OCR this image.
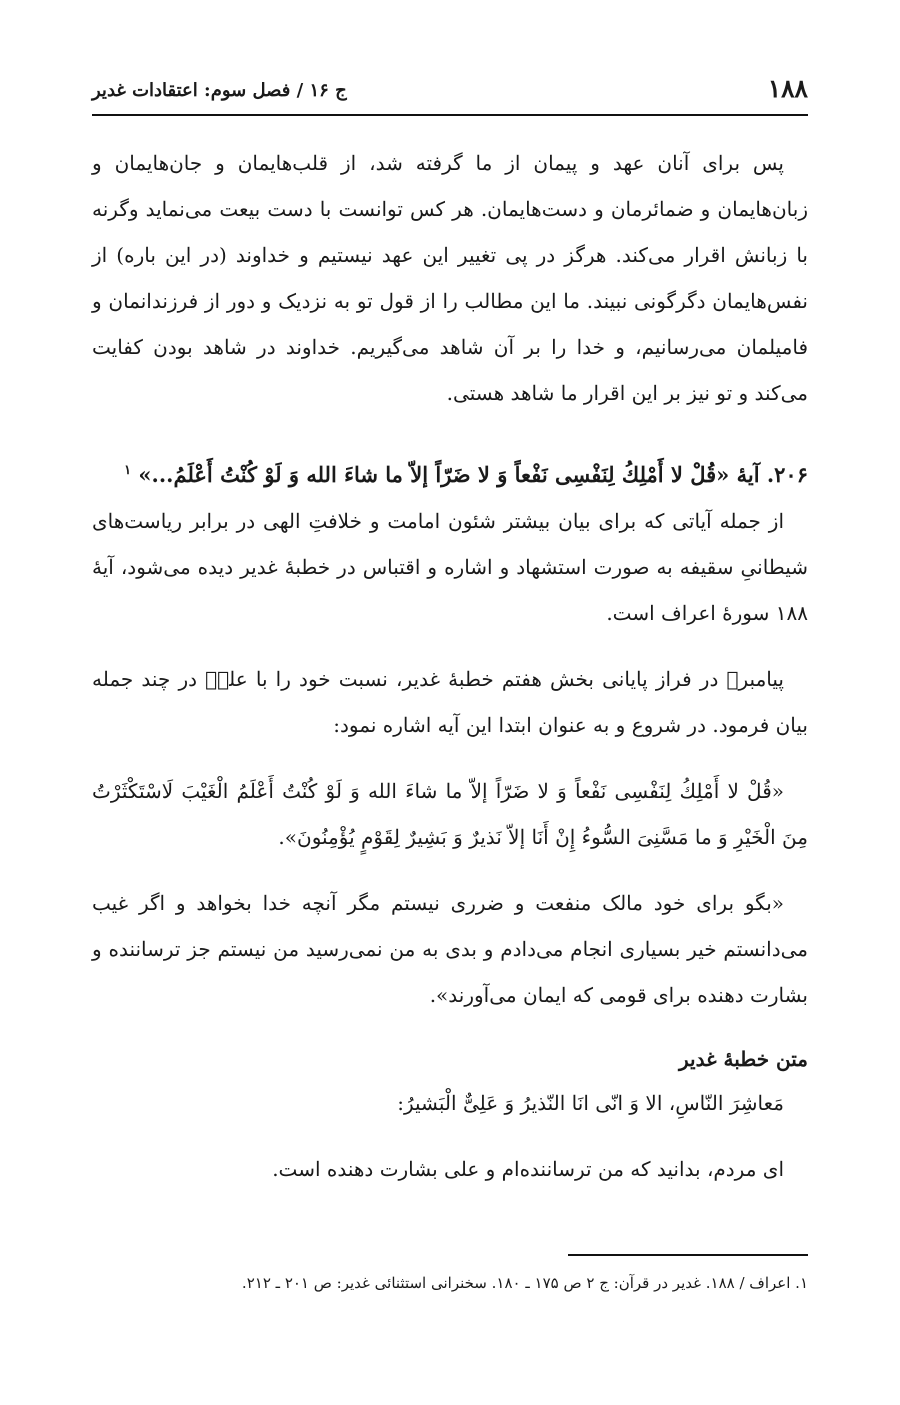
۱۸۸
ج ۱۶ / فصل سوم: اعتقادات غدیر

پس برای آنان عهد و پیمان از ما گرفته شد، از قلب‌هایمان و جان‌هایمان و زبان‌هایمان و ضمائرمان و دست‌هایمان. هر کس توانست با دست بیعت می‌نماید وگرنه با زبانش اقرار می‌کند. هرگز در پی تغییر این عهد نیستیم و خداوند (در این باره) از نفس‌هایمان دگرگونی نبیند. ما این مطالب را از قول تو به نزدیک و دور از فرزندانمان و فامیلمان می‌رسانیم، و خدا را بر آن شاهد می‌گیریم. خداوند در شاهد بودن کفایت می‌کند و تو نیز بر این اقرار ما شاهد هستی.

۲۰۶. آیهٔ «قُلْ لا أَمْلِكُ لِنَفْسِی نَفْعاً وَ لا ضَرّاً إلاّ ما شاءَ الله وَ لَوْ كُنْتُ أَعْلَمُ...» $^۱$

از جمله آیاتی که برای بیان بیشتر شئون امامت و خلافتِ الهی در برابر ریاست‌های شیطانیِ سقیفه به صورت استشهاد و اشاره و اقتباس در خطبهٔ غدیر دیده می‌شود، آیهٔ ۱۸۸ سورهٔ اعراف است.

پیامبرﷺ در فراز پایانی بخش هفتم خطبهٔ غدیر، نسبت خود را با علیؑ در چند جمله بیان فرمود. در شروع و به عنوان ابتدا این آیه اشاره نمود:

«قُلْ لا أَمْلِكُ لِنَفْسِی نَفْعاً وَ لا ضَرّاً إلاّ ما شاءَ الله وَ لَوْ كُنْتُ أَعْلَمُ الْغَیْبَ لَاسْتَكْثَرْتُ مِنَ الْخَیْرِ وَ ما مَسَّنِیَ السُّوءُ إِنْ أَنَا إلاّ نَذیرٌ وَ بَشِیرٌ لِقَوْمٍ یُؤْمِنُونَ».

«بگو برای خود مالک منفعت و ضرری نیستم مگر آنچه خدا بخواهد و اگر غیب می‌دانستم خیر بسیاری انجام می‌دادم و بدی به من نمی‌رسید من نیستم جز ترساننده و بشارت دهنده برای قومی که ایمان می‌آورند».

متن خطبهٔ غدیر

مَعاشِرَ النّاسِ، الا وَ انّی انَا النّذیرُ وَ عَلِیٌّ الْبَشیرُ:

ای مردم، بدانید که من ترساننده‌ام و علی بشارت دهنده است.

۱. اعراف / ۱۸۸. غدیر در قرآن: ج ۲ ص ۱۷۵ ـ ۱۸۰. سخنرانی استثنائی غدیر: ص ۲۰۱ ـ ۲۱۲.
